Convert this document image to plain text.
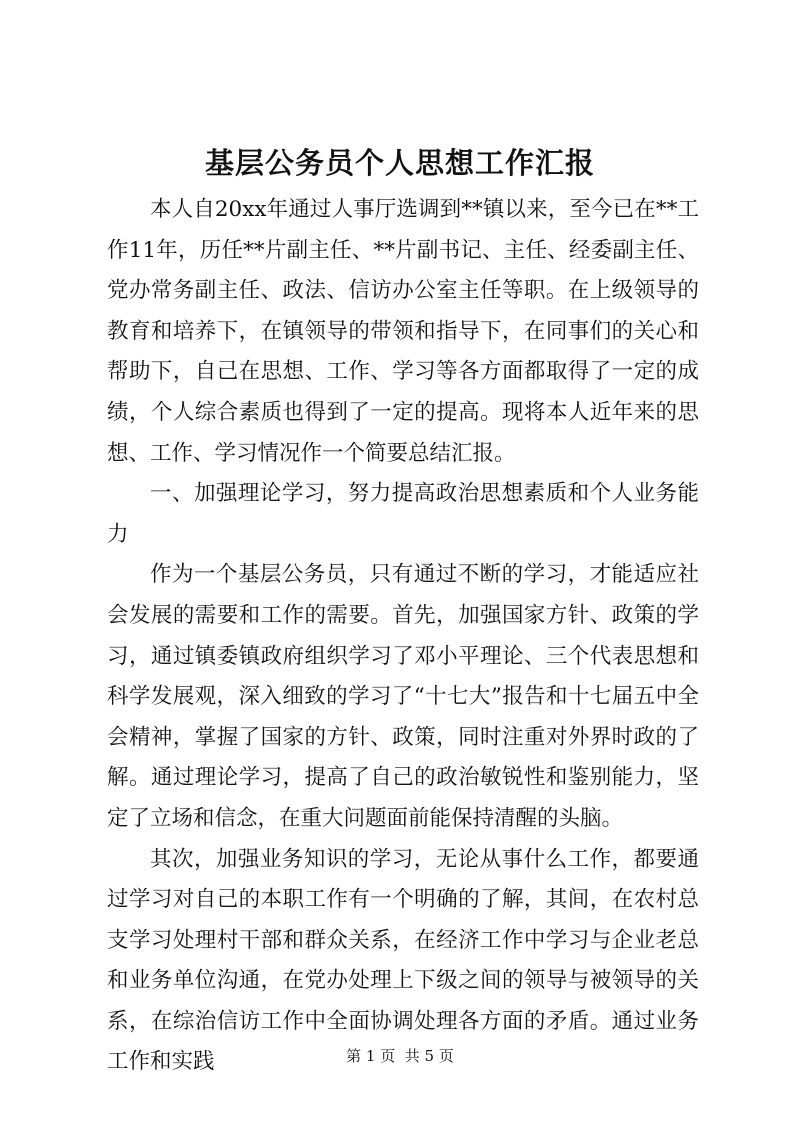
基层公务员个人思想工作汇报

本人自20xx年通过人事厅选调到**镇以来，至今已在**工作11年，历任**片副主任、**片副书记、主任、经委副主任、党办常务副主任、政法、信访办公室主任等职。在上级领导的教育和培养下，在镇领导的带领和指导下，在同事们的关心和帮助下，自己在思想、工作、学习等各方面都取得了一定的成绩，个人综合素质也得到了一定的提高。现将本人近年来的思想、工作、学习情况作一个简要总结汇报。

一、加强理论学习，努力提高政治思想素质和个人业务能力

作为一个基层公务员，只有通过不断的学习，才能适应社会发展的需要和工作的需要。首先，加强国家方针、政策的学习，通过镇委镇政府组织学习了邓小平理论、三个代表思想和科学发展观，深入细致的学习了“十七大”报告和十七届五中全会精神，掌握了国家的方针、政策，同时注重对外界时政的了解。通过理论学习，提高了自己的政治敏锐性和鉴别能力，坚定了立场和信念，在重大问题面前能保持清醒的头脑。

其次，加强业务知识的学习，无论从事什么工作，都要通过学习对自己的本职工作有一个明确的了解，其间，在农村总支学习处理村干部和群众关系，在经济工作中学习与企业老总和业务单位沟通，在党办处理上下级之间的领导与被领导的关系，在综治信访工作中全面协调处理各方面的矛盾。通过业务工作和实践	第 1 页  共 5 页
